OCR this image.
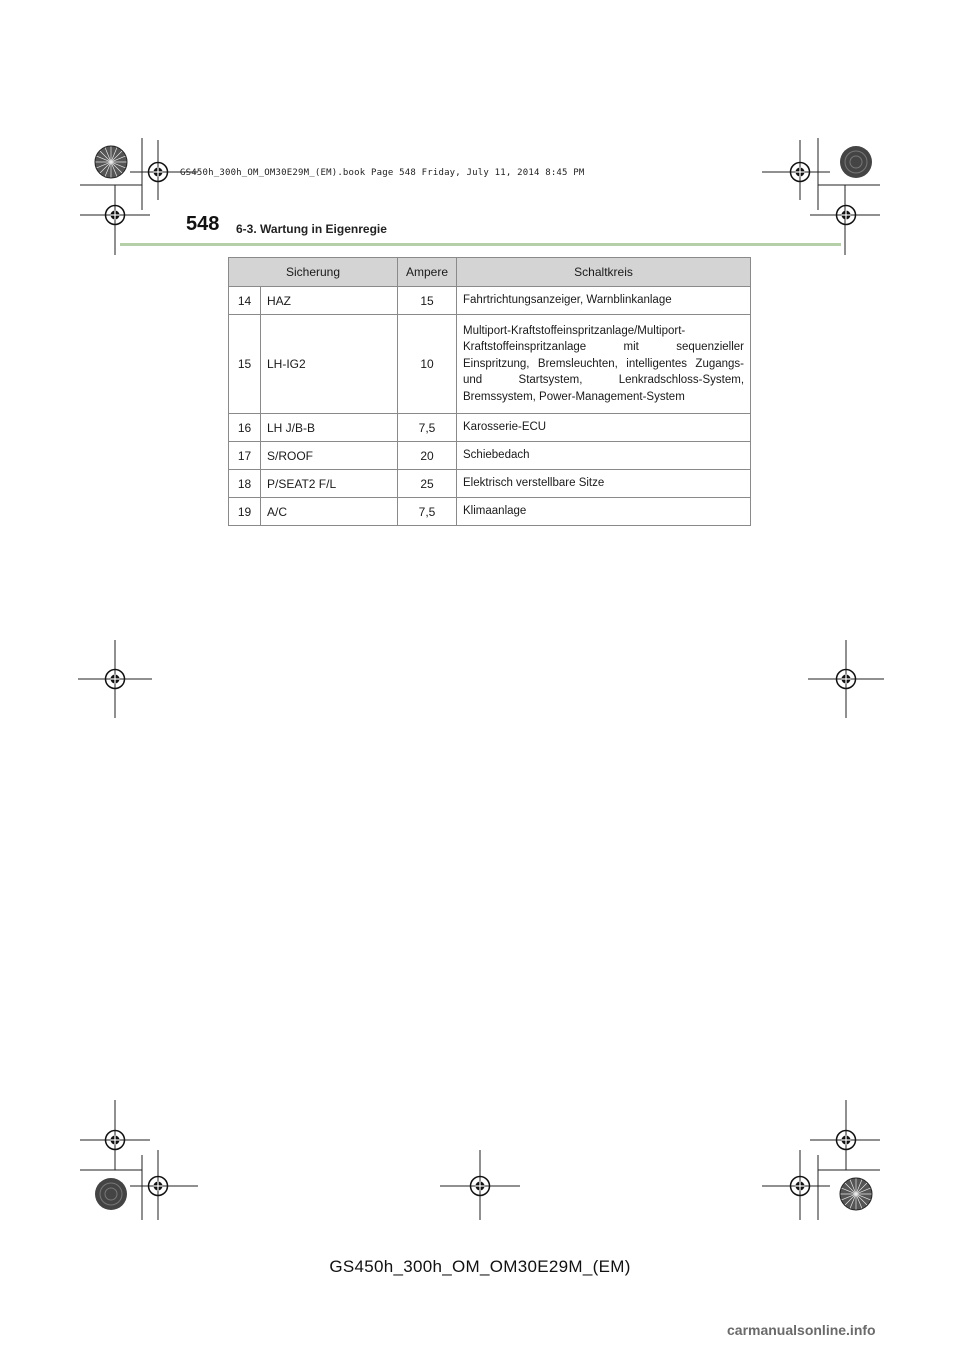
GS450h_300h_OM_OM30E29M_(EM).book Page 548 Friday, July 11, 2014 8:45 PM
548 6-3. Wartung in Eigenregie
Sicherung		Ampere	Schaltkreis
14	HAZ	15	Fahrtrichtungsanzeiger, Warnblinkanlage
15	LH-IG2	10	Multiport-Kraftstoffeinspritzanlage/Multiport-Kraftstoffeinspritzanlage mit sequenzieller Einspritzung, Bremsleuchten, intelligentes Zugangs- und Startsystem, Lenkradschloss-System, Bremssystem, Power-Management-System
16	LH J/B-B	7,5	Karosserie-ECU
17	S/ROOF	20	Schiebedach
18	P/SEAT2 F/L	25	Elektrisch verstellbare Sitze
19	A/C	7,5	Klimaanlage
GS450h_300h_OM_OM30E29M_(EM)
carmanualsonline.info
